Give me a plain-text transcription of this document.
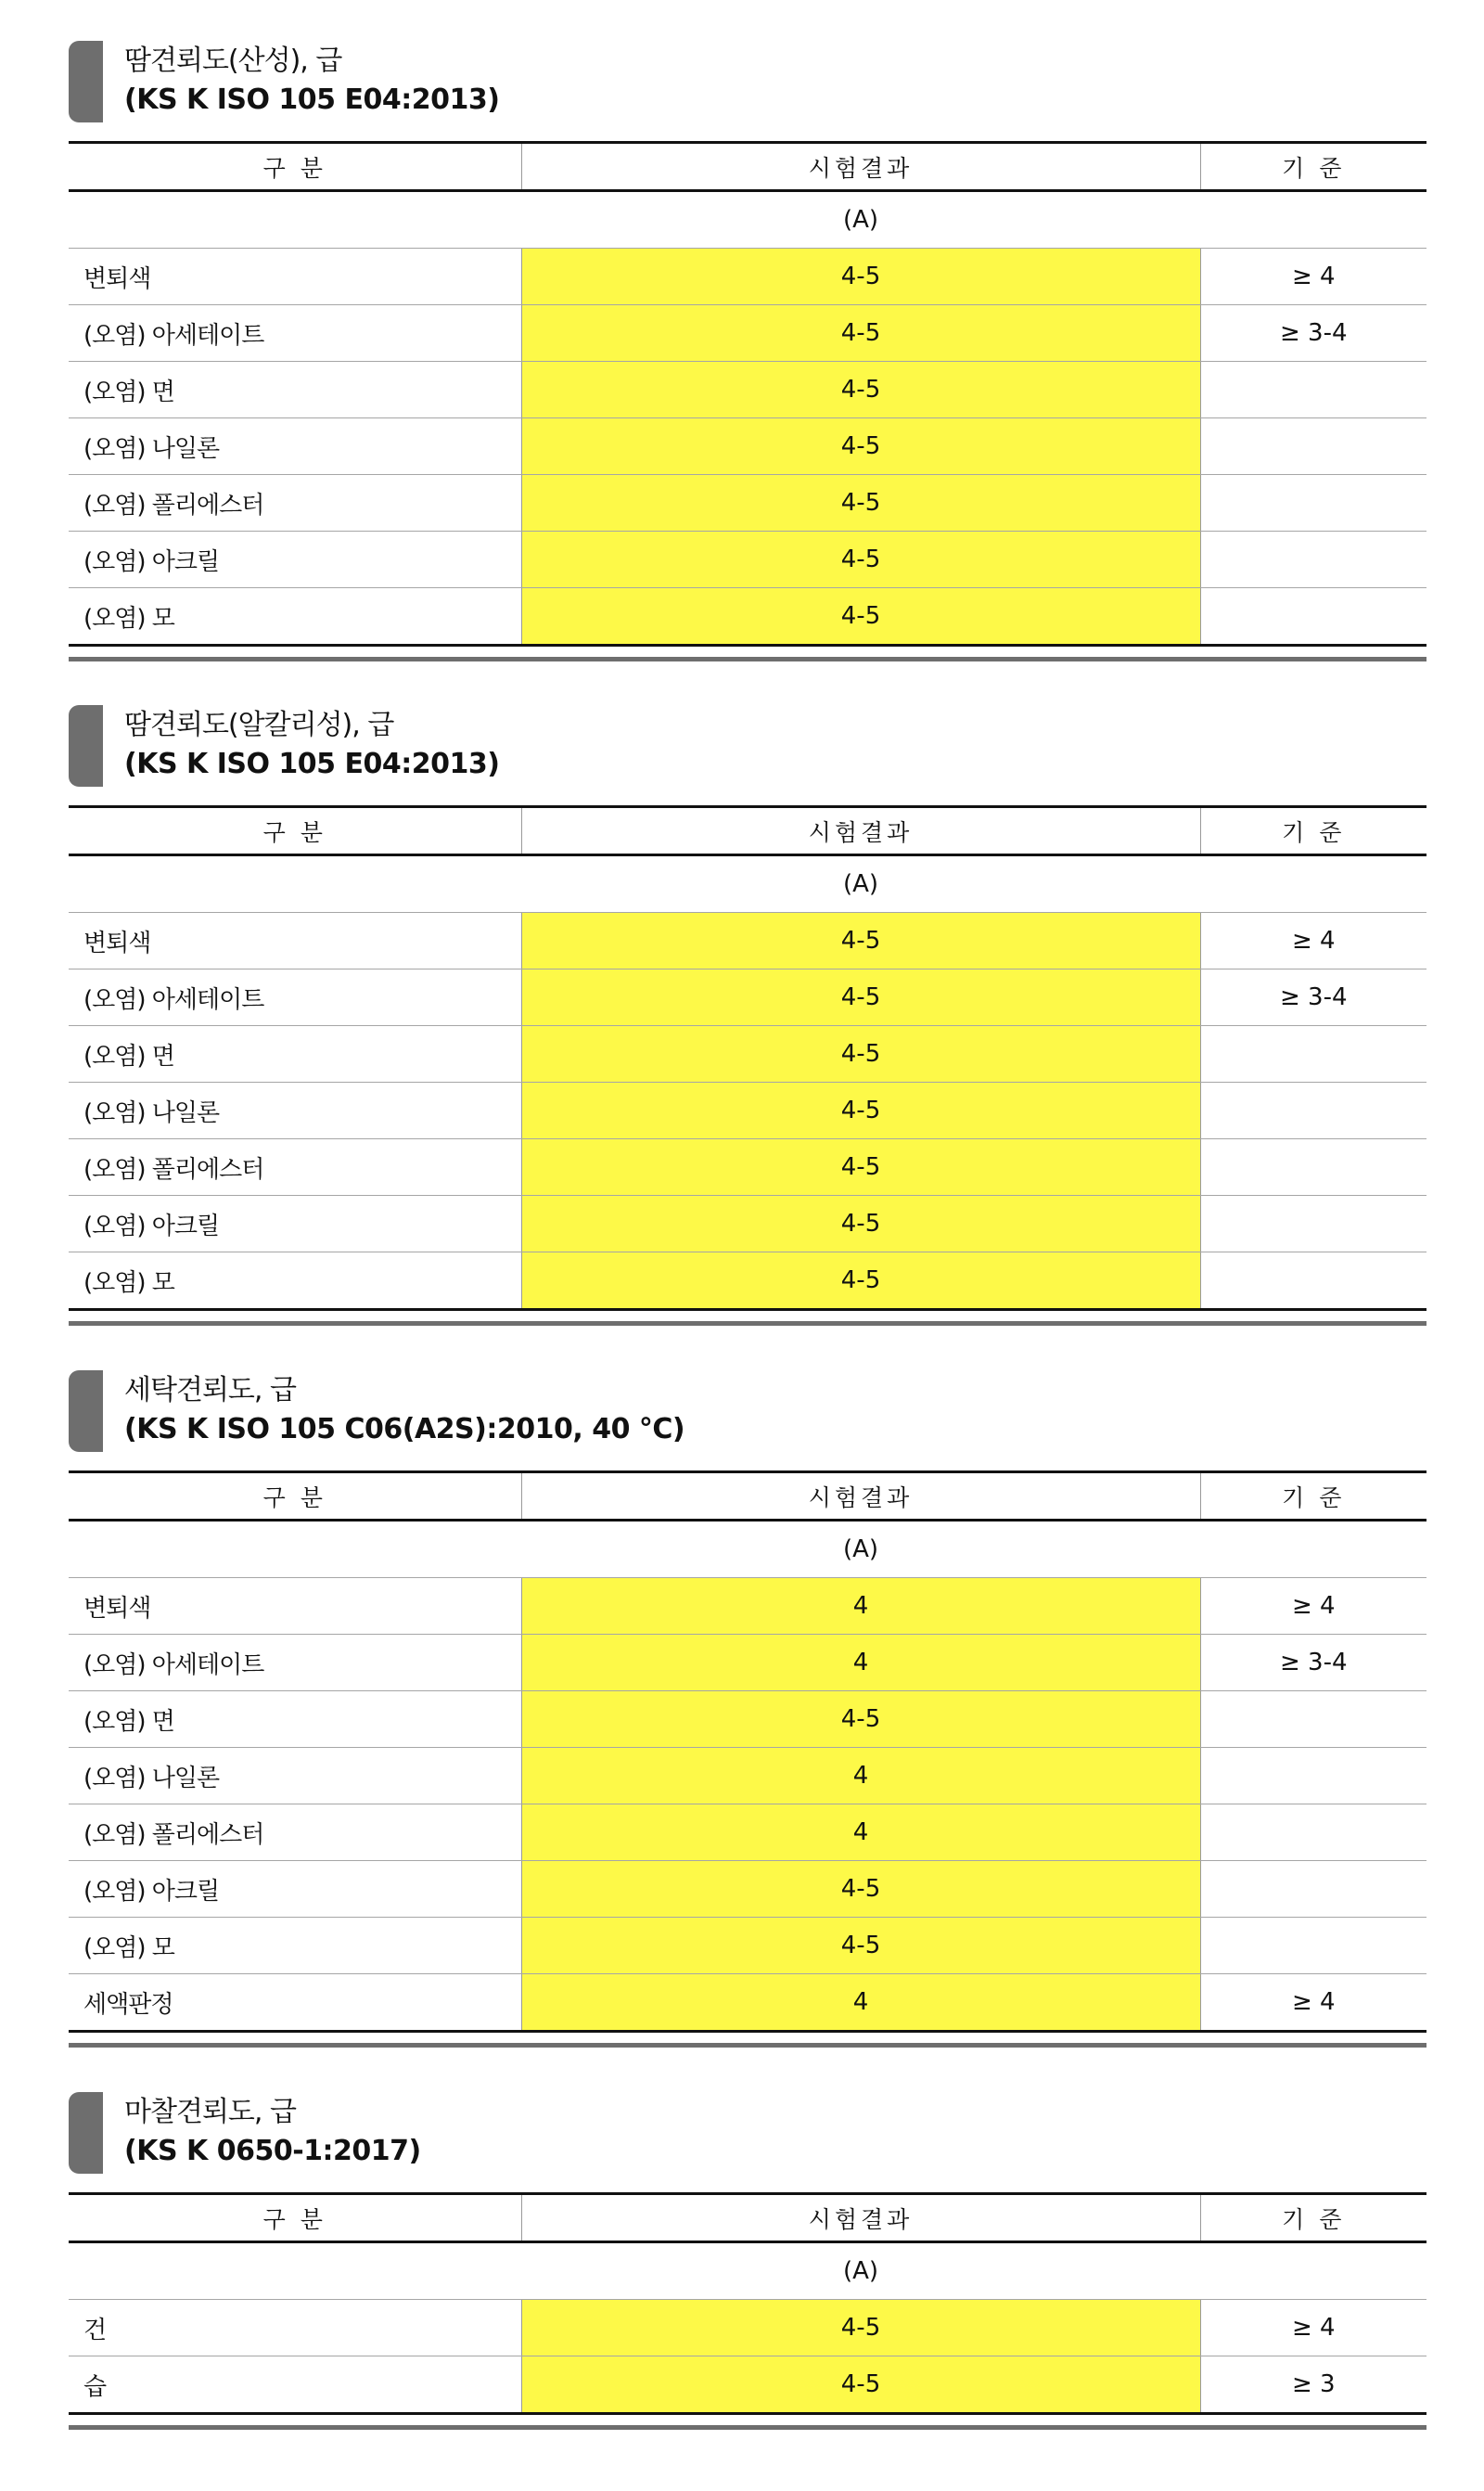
땀견뢰도(산성), 급
(KS K ISO 105 E04:2013)
구 분	시험결과	기 준
	(A)	
변퇴색	4-5	≥ 4
(오염) 아세테이트	4-5	≥ 3-4
(오염) 면	4-5	
(오염) 나일론	4-5	
(오염) 폴리에스터	4-5	
(오염) 아크릴	4-5	
(오염) 모	4-5	
땀견뢰도(알칼리성), 급
(KS K ISO 105 E04:2013)
구 분	시험결과	기 준
	(A)	
변퇴색	4-5	≥ 4
(오염) 아세테이트	4-5	≥ 3-4
(오염) 면	4-5	
(오염) 나일론	4-5	
(오염) 폴리에스터	4-5	
(오염) 아크릴	4-5	
(오염) 모	4-5	
세탁견뢰도, 급
(KS K ISO 105 C06(A2S):2010, 40 °C)
구 분	시험결과	기 준
	(A)	
변퇴색	4	≥ 4
(오염) 아세테이트	4	≥ 3-4
(오염) 면	4-5	
(오염) 나일론	4	
(오염) 폴리에스터	4	
(오염) 아크릴	4-5	
(오염) 모	4-5	
세액판정	4	≥ 4
마찰견뢰도, 급
(KS K 0650-1:2017)
구 분	시험결과	기 준
	(A)	
건	4-5	≥ 4
습	4-5	≥ 3
